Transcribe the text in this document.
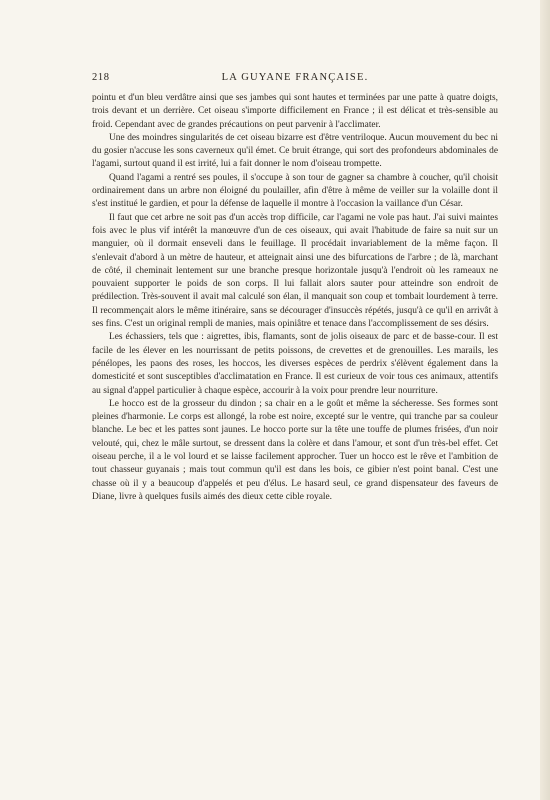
218	LA GUYANE FRANÇAISE.

pointu et d'un bleu verdâtre ainsi que ses jambes qui sont hautes et terminées par une patte à quatre doigts, trois devant et un derrière. Cet oiseau s'importe difficilement en France ; il est délicat et très-sensible au froid. Cependant avec de grandes précautions on peut parvenir à l'acclimater.

Une des moindres singularités de cet oiseau bizarre est d'être ventriloque. Aucun mouvement du bec ni du gosier n'accuse les sons caverneux qu'il émet. Ce bruit étrange, qui sort des profondeurs abdominales de l'agami, surtout quand il est irrité, lui a fait donner le nom d'oiseau trompette.

Quand l'agami a rentré ses poules, il s'occupe à son tour de gagner sa chambre à coucher, qu'il choisit ordinairement dans un arbre non éloigné du poulailler, afin d'être à même de veiller sur la volaille dont il s'est institué le gardien, et pour la défense de laquelle il montre à l'occasion la vaillance d'un César.

Il faut que cet arbre ne soit pas d'un accès trop difficile, car l'agami ne vole pas haut. J'ai suivi maintes fois avec le plus vif intérêt la manœuvre d'un de ces oiseaux, qui avait l'habitude de faire sa nuit sur un manguier, où il dormait enseveli dans le feuillage. Il procédait invariablement de la même façon. Il s'enlevait d'abord à un mètre de hauteur, et atteignait ainsi une des bifurcations de l'arbre ; de là, marchant de côté, il cheminait lentement sur une branche presque horizontale jusqu'à l'endroit où les rameaux ne pouvaient supporter le poids de son corps. Il lui fallait alors sauter pour atteindre son endroit de prédilection. Très-souvent il avait mal calculé son élan, il manquait son coup et tombait lourdement à terre. Il recommençait alors le même itinéraire, sans se décourager d'insuccès répétés, jusqu'à ce qu'il en arrivât à ses fins. C'est un original rempli de manies, mais opiniâtre et tenace dans l'accomplissement de ses désirs.

Les échassiers, tels que : aigrettes, ibis, flamants, sont de jolis oiseaux de parc et de basse-cour. Il est facile de les élever en les nourrissant de petits poissons, de crevettes et de grenouilles. Les marails, les pénélopes, les paons des roses, les hoccos, les diverses espèces de perdrix s'élèvent également dans la domesticité et sont susceptibles d'acclimatation en France. Il est curieux de voir tous ces animaux, attentifs au signal d'appel particulier à chaque espèce, accourir à la voix pour prendre leur nourriture.

Le hocco est de la grosseur du dindon ; sa chair en a le goût et même la sécheresse. Ses formes sont pleines d'harmonie. Le corps est allongé, la robe est noire, excepté sur le ventre, qui tranche par sa couleur blanche. Le bec et les pattes sont jaunes. Le hocco porte sur la tête une touffe de plumes frisées, d'un noir velouté, qui, chez le mâle surtout, se dressent dans la colère et dans l'amour, et sont d'un très-bel effet. Cet oiseau perche, il a le vol lourd et se laisse facilement approcher. Tuer un hocco est le rêve et l'ambition de tout chasseur guyanais ; mais tout commun qu'il est dans les bois, ce gibier n'est point banal. C'est une chasse où il y a beaucoup d'appelés et peu d'élus. Le hasard seul, ce grand dispensateur des faveurs de Diane, livre à quelques fusils aimés des dieux cette cible royale.
